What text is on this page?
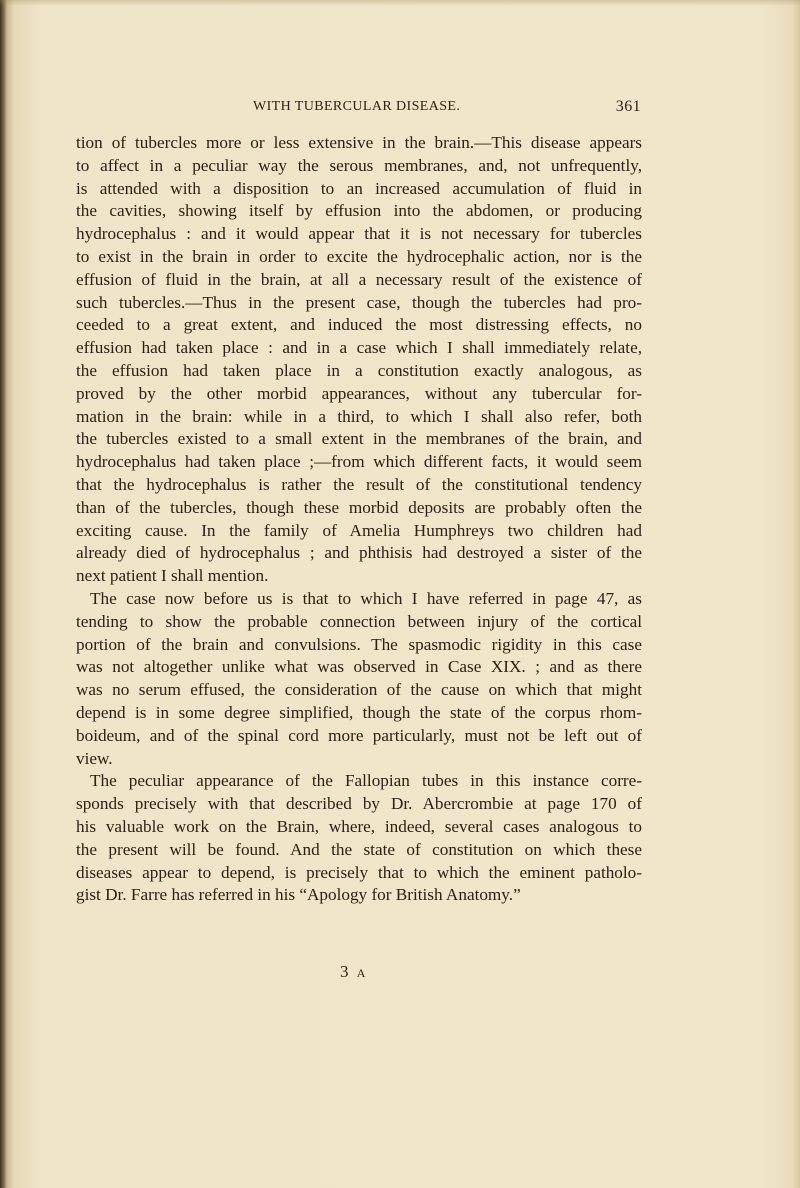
WITH TUBERCULAR DISEASE.	361
tion of tubercles more or less extensive in the brain.—This disease appears
to affect in a peculiar way the serous membranes, and, not unfrequently,
is attended with a disposition to an increased accumulation of fluid in
the cavities, showing itself by effusion into the abdomen, or producing
hydrocephalus : and it would appear that it is not necessary for tubercles
to exist in the brain in order to excite the hydrocephalic action, nor is the
effusion of fluid in the brain, at all a necessary result of the existence of
such tubercles.—Thus in the present case, though the tubercles had pro-
ceeded to a great extent, and induced the most distressing effects, no
effusion had taken place : and in a case which I shall immediately relate,
the effusion had taken place in a constitution exactly analogous, as
proved by the other morbid appearances, without any tubercular for-
mation in the brain: while in a third, to which I shall also refer, both
the tubercles existed to a small extent in the membranes of the brain, and
hydrocephalus had taken place ;—from which different facts, it would seem
that the hydrocephalus is rather the result of the constitutional tendency
than of the tubercles, though these morbid deposits are probably often the
exciting cause. In the family of Amelia Humphreys two children had
already died of hydrocephalus ; and phthisis had destroyed a sister of the
next patient I shall mention.
The case now before us is that to which I have referred in page 47, as
tending to show the probable connection between injury of the cortical
portion of the brain and convulsions. The spasmodic rigidity in this case
was not altogether unlike what was observed in Case XIX. ; and as there
was no serum effused, the consideration of the cause on which that might
depend is in some degree simplified, though the state of the corpus rhom-
boideum, and of the spinal cord more particularly, must not be left out of
view.
The peculiar appearance of the Fallopian tubes in this instance corre-
sponds precisely with that described by Dr. Abercrombie at page 170 of
his valuable work on the Brain, where, indeed, several cases analogous to
the present will be found. And the state of constitution on which these
diseases appear to depend, is precisely that to which the eminent patholo-
gist Dr. Farre has referred in his “Apology for British Anatomy.”
3 A
